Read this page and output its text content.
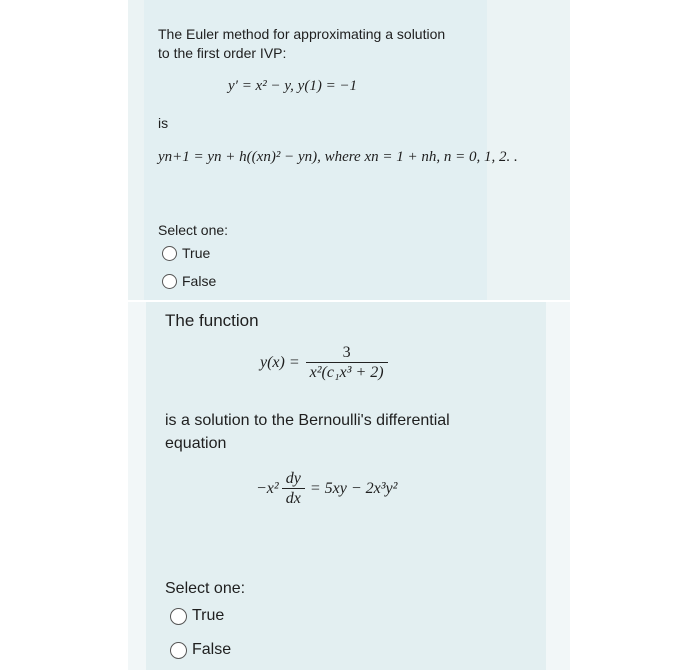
The Euler method for approximating a solution
to the first order IVP:
y′ = x² − y, y(1) = −1
is
yn+1 = yn + h((xn)² − yn), where xn = 1 + nh, n = 0, 1, 2. .
Select one:
True
False
The function
$y(x) = \frac{3}{\text{x²(c₁x³ + 2)}}$
is a solution to the Bernoulli's differential
equation
$-x^2 \frac{dy}{dx} = 5xy - 2x^3y^2$
Select one:
True
False
